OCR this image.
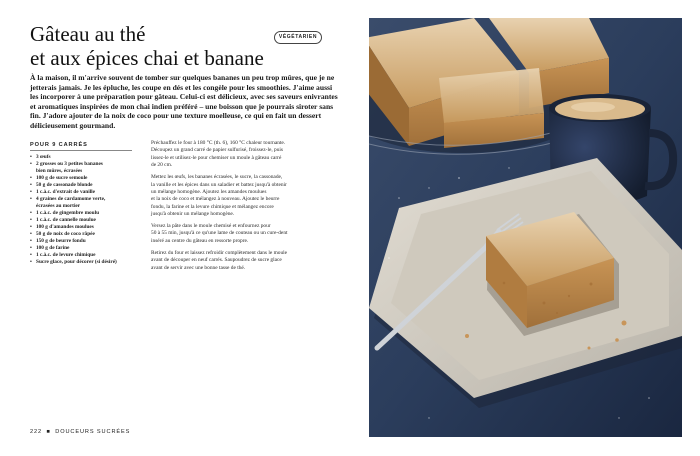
Gâteau au thé
et aux épices chai et banane
VÉGÉTARIEN
À la maison, il m'arrive souvent de tomber sur quelques bananes un peu trop mûres, que je ne
jetterais jamais. Je les épluche, les coupe en dés et les congèle pour les smoothies. J'aime aussi
les incorporer à une préparation pour gâteau. Celui-ci est délicieux, avec ses saveurs enivrantes
et aromatiques inspirées de mon chai indien préféré – une boisson que je pourrais siroter sans
fin. J'adore ajouter de la noix de coco pour une texture moelleuse, ce qui en fait un dessert
délicieusement gourmand.
POUR 9 CARRÉS
• 3 œufs
• 2 grosses ou 3 petites bananes
bien mûres, écrasées
• 100 g de sucre semoule
• 50 g de cassonade blonde
• 1 c.à.c. d'extrait de vanille
• 4 graines de cardamome verte,
écrasées au mortier
• 1 c.à.c. de gingembre moulu
• 1 c.à.c. de cannelle moulue
• 100 g d'amandes moulues
• 50 g de noix de coco râpée
• 150 g de beurre fondu
• 100 g de farine
• 1 c.à.c. de levure chimique
• Sucre glace, pour décorer (si désiré)

Préchauffez le four à 180 °C (th. 6), 160 °C chaleur tournante.
Découpez un grand carré de papier sulfurisé, froissez-le, puis
lissez-le et utilisez-le pour chemiser un moule à gâteau carré
de 20 cm.

Mettez les œufs, les bananes écrasées, le sucre, la cassonade,
la vanille et les épices dans un saladier et battez jusqu'à obtenir
un mélange homogène. Ajoutez les amandes moulues
et la noix de coco et mélangez à nouveau. Ajoutez le beurre
fondu, la farine et la levure chimique et mélangez encore
jusqu'à obtenir un mélange homogène.

Versez la pâte dans le moule chemisé et enfournez pour
50 à 55 min, jusqu'à ce qu'une lame de couteau ou un cure-dent
inséré au centre du gâteau en ressorte propre.

Retirez du four et laissez refroidir complètement dans le moule
avant de découper en neuf carrés. Saupoudrez de sucre glace
avant de servir avec une bonne tasse de thé.

222 ■ DOUCEURS SUCRÉES
